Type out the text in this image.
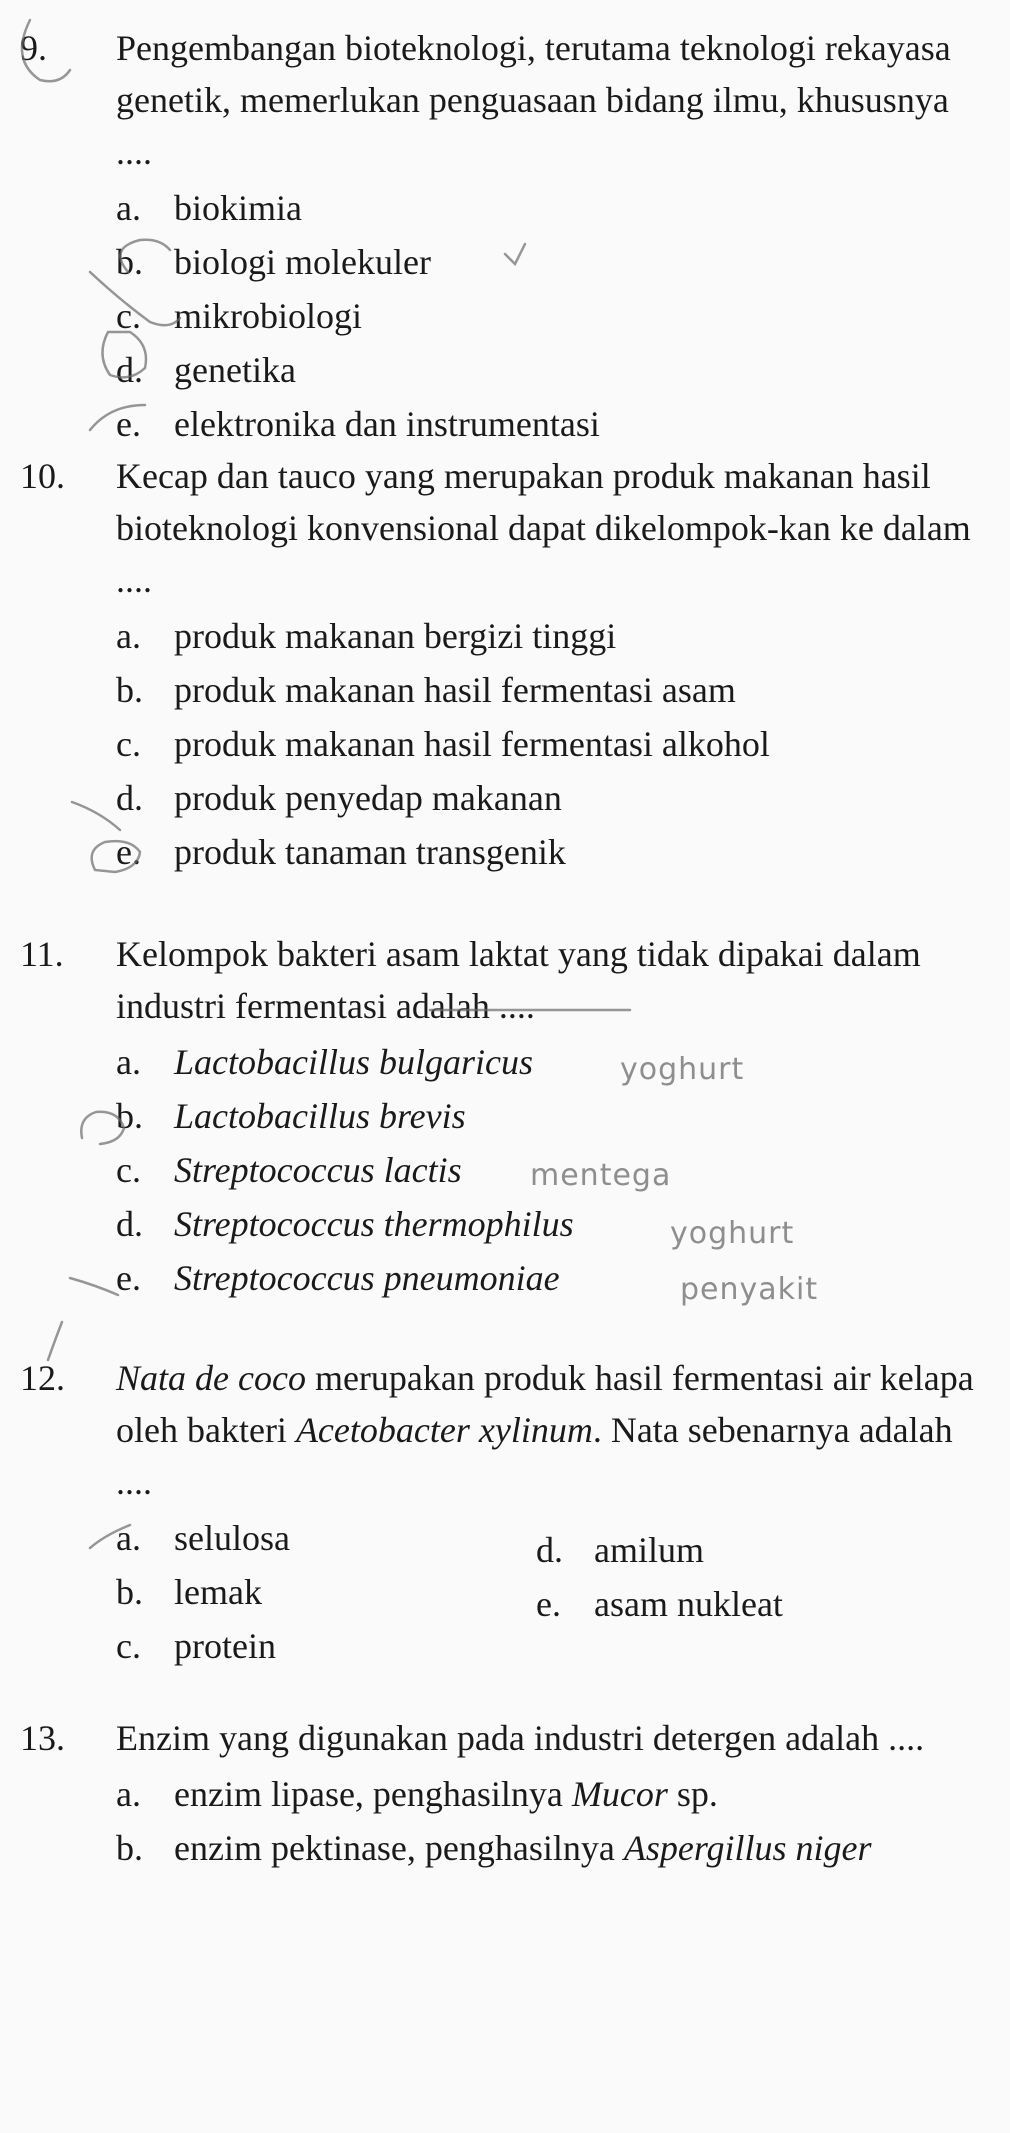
9.	Pengembangan bioteknologi, terutama teknologi rekayasa genetik, memerlukan penguasaan bidang ilmu, khususnya ....
a. biokimia
b. biologi molekuler
c. mikrobiologi
d. genetika
e. elektronika dan instrumentasi
10.	Kecap dan tauco yang merupakan produk makanan hasil bioteknologi konvensional dapat dikelompok-kan ke dalam ....
a. produk makanan bergizi tinggi
b. produk makanan hasil fermentasi asam
c. produk makanan hasil fermentasi alkohol
d. produk penyedap makanan
e. produk tanaman transgenik
11.	Kelompok bakteri asam laktat yang tidak dipakai dalam industri fermentasi adalah ....
a. Lactobacillus bulgaricus
b. Lactobacillus brevis
c. Streptococcus lactis
d. Streptococcus thermophilus
e. Streptococcus pneumoniae
yoghurt
mentega
yoghurt
penyakit
12.	Nata de coco merupakan produk hasil fermentasi air kelapa oleh bakteri Acetobacter xylinum. Nata sebenarnya adalah ....
a. selulosa
b. lemak
c. protein
d. amilum
e. asam nukleat
13.	Enzim yang digunakan pada industri detergen adalah ....
a. enzim lipase, penghasilnya Mucor sp.
b. enzim pektinase, penghasilnya Aspergillus niger
